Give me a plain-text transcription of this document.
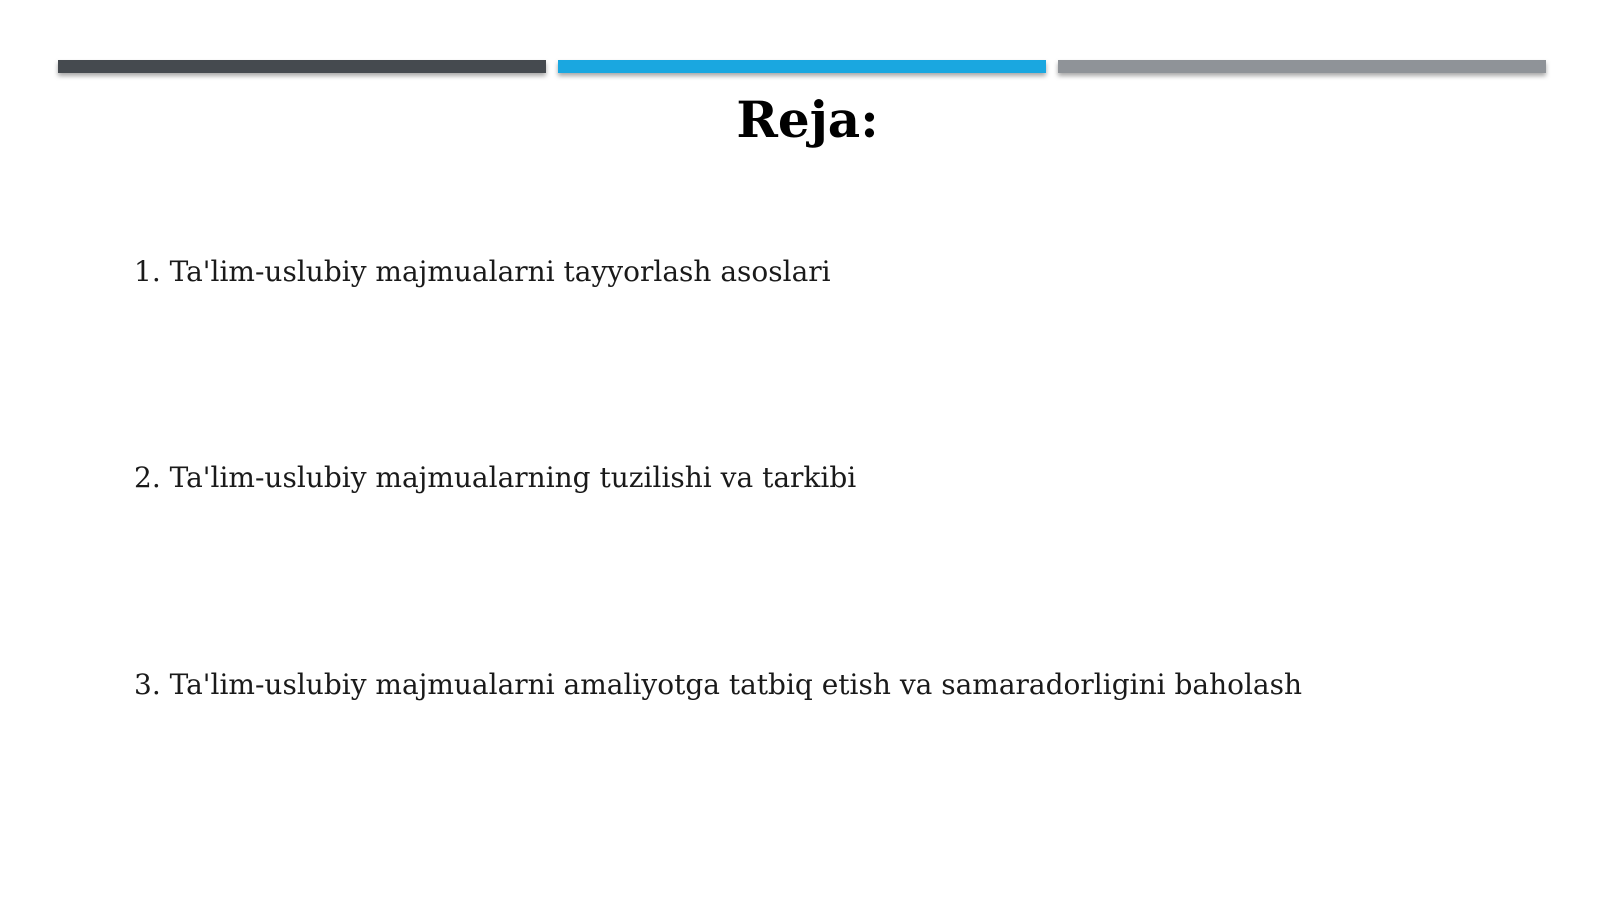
Reja:
1. Ta'lim-uslubiy majmualarni tayyorlash asoslari
2. Ta'lim-uslubiy majmualarning tuzilishi va tarkibi
3. Ta'lim-uslubiy majmualarni amaliyotga tatbiq etish va samaradorligini baholash
